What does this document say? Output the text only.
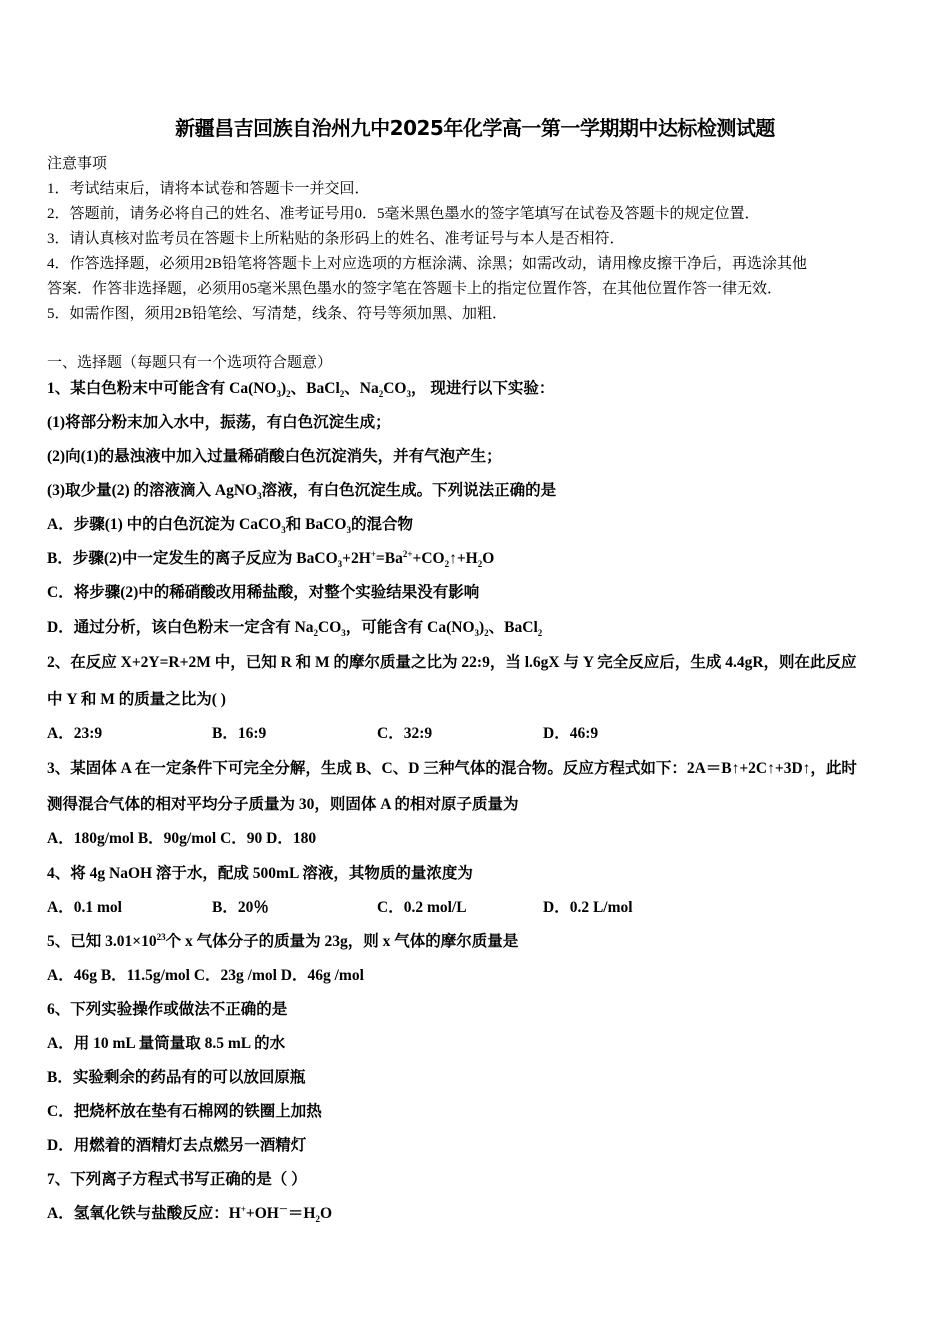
新疆昌吉回族自治州九中2025年化学高一第一学期期中达标检测试题
注意事项
1．考试结束后，请将本试卷和答题卡一并交回．
2．答题前，请务必将自己的姓名、准考证号用0．5毫米黑色墨水的签字笔填写在试卷及答题卡的规定位置．
3．请认真核对监考员在答题卡上所粘贴的条形码上的姓名、准考证号与本人是否相符．
4．作答选择题，必须用2B铅笔将答题卡上对应选项的方框涂满、涂黑；如需改动，请用橡皮擦干净后，再选涂其他
答案．作答非选择题，必须用05毫米黑色墨水的签字笔在答题卡上的指定位置作答，在其他位置作答一律无效．
5．如需作图，须用2B铅笔绘、写清楚，线条、符号等须加黑、加粗．
一、选择题（每题只有一个选项符合题意）
1、某白色粉末中可能含有 $Ca(NO_3)_2$、BaCl$_2$、$Na_2CO_3$， 现进行以下实验：
(1)将部分粉末加入水中，振荡，有白色沉淀生成；
(2)向(1)的悬浊液中加入过量稀硝酸白色沉淀消失，并有气泡产生；
(3)取少量(2) 的溶液滴入 AgNO$_3$溶液，有白色沉淀生成。下列说法正确的是
A．步骤(1) 中的白色沉淀为 CaCO$_3$和 BaCO$_3$的混合物
B．步骤(2)中一定发生的离子反应为 $BaCO_3+2H^+=Ba^{2+}+CO_2↑+H_2O$
C．将步骤(2)中的稀硝酸改用稀盐酸，对整个实验结果没有影响
D．通过分析，该白色粉末一定含有 $Na_2CO_3$，可能含有 $Ca(NO_3)_2$、BaCl$_2$
2、在反应 X+2Y=R+2M 中，已知 R 和 M 的摩尔质量之比为 22:9，当 l.6gX 与 Y 完全反应后，生成 4.4gR，则在此反应
中 Y 和 M 的质量之比为( )
3、某固体 A 在一定条件下可完全分解，生成 B、C、D 三种气体的混合物。反应方程式如下：2A＝B↑+2C↑+3D↑，此时
测得混合气体的相对平均分子质量为 30，则固体 A 的相对原子质量为
A．180g/mol B．90g/mol C．90 D．180
4、将 4g NaOH 溶于水，配成 500mL 溶液，其物质的量浓度为
5、已知 $3.01\times 10^{23}$个 x 气体分子的质量为 23g，则 x 气体的摩尔质量是
A．46g B．11.5g/mol C．23g /mol D．46g /mol
6、下列实验操作或做法不正确的是
A．用 10 mL 量筒量取 8.5 mL 的水
B．实验剩余的药品有的可以放回原瓶
C．把烧杯放在垫有石棉网的铁圈上加热
D．用燃着的酒精灯去点燃另一酒精灯
7、下列离子方程式书写正确的是（ ）
A．氢氧化铁与盐酸反应：$H^++OH^-=H_2O$
A．23:9	B．16:9	C．32:9	D．46:9
A．0.1 mol	B．20％	C．0.2 mol/L	D．0.2 L/mol
